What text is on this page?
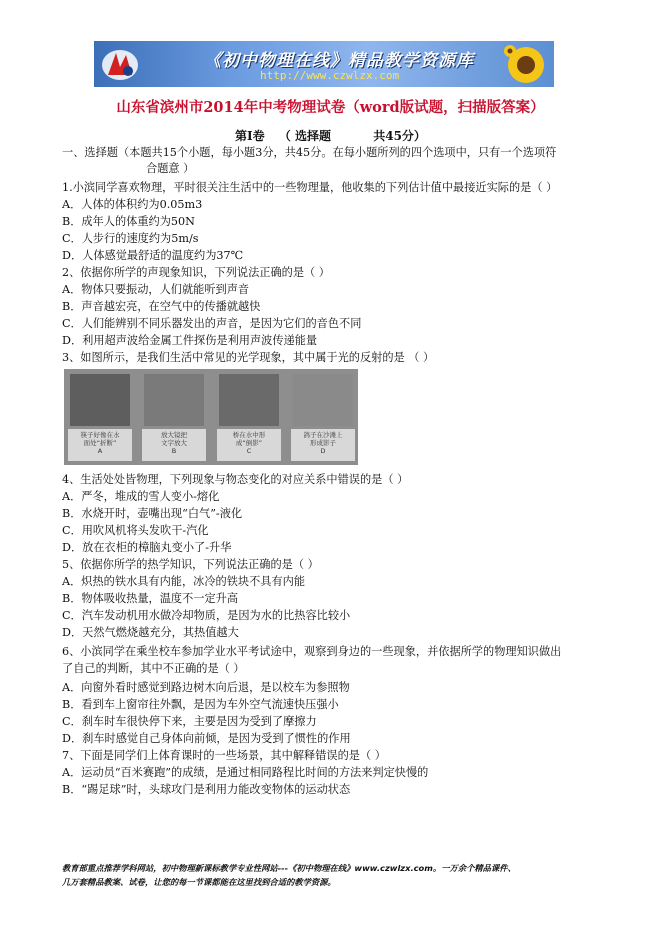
《初中物理在线》精品教学资源库
http://www.czwlzx.com
山东省滨州市2014年中考物理试卷（word版试题，扫描版答案）
第Ⅰ卷 （ 选择题	共45分）
一、选择题（本题共15个小题，每小题3分，共45分。在每小题所列的四个选项中，只有一个选项符
合题意 ）
1.小滨同学喜欢物理，平时很关注生活中的一些物理量，他收集的下列估计值中最接近实际的是（ ）
A．人体的体积约为0.05m3
B．成年人的体重约为50N
C．人步行的速度约为5m/s
D．人体感觉最舒适的温度约为37℃
2、依据你所学的声现象知识，下列说法正确的是（ ）
A．物体只要振动，人们就能听到声音
B．声音越宏亮，在空气中的传播就越快
C．人们能辨别不同乐器发出的声音，是因为它们的音色不同
D．利用超声波给金属工件探伤是利用声波传递能量
3、如图所示，是我们生活中常见的光学现象，其中属于光的反射的是 （ ）
筷子好像在水
面处“折断”
A
放大镜把
文字放大
B
桥在水中形
成“倒影”
C
鸽子在沙滩上
形成影子
D
4、生活处处皆物理，下列现象与物态变化的对应关系中错误的是（ ）
A．严冬，堆成的雪人变小-熔化
B．水烧开时，壶嘴出现“白气”-液化
C．用吹风机将头发吹干-汽化
D．放在衣柜的樟脑丸变小了-升华
5、依据你所学的热学知识，下列说法正确的是（ ）
A．炽热的铁水具有内能，冰冷的铁块不具有内能
B．物体吸收热量，温度不一定升高
C．汽车发动机用水做冷却物质，是因为水的比热容比较小
D．天然气燃烧越充分，其热值越大
6、小滨同学在乘坐校车参加学业水平考试途中，观察到身边的一些现象，并依据所学的物理知识做出
了自己的判断，其中不正确的是（ ）
A．向窗外看时感觉到路边树木向后退，是以校车为参照物
B．看到车上窗帘往外飘，是因为车外空气流速快压强小
C．刹车时车很快停下来，主要是因为受到了摩擦力
D．刹车时感觉自己身体向前倾，是因为受到了惯性的作用
7、下面是同学们上体育课时的一些场景，其中解释错误的是（ ）
A．运动员“百米赛跑”的成绩，是通过相同路程比时间的方法来判定快慢的
B．“踢足球”时，头球攻门是利用力能改变物体的运动状态
教育部重点推荐学科网站，初中物理新课标教学专业性网站---《初中物理在线》www.czwlzx.com。一万余个精品课件、
几万套精品教案、试卷，让您的每一节课都能在这里找到合适的教学资源。
